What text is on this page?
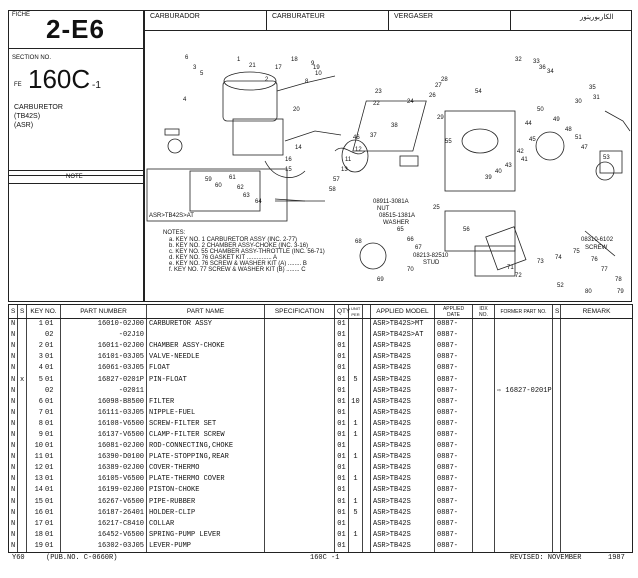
FICHE 2-E6
SECTION NO.
FE 160C -1
CARBURETOR
(TB42S)
(ASR)
NOTE
CARBURADOR	CARBURATEUR	VERGASER	الكاربوريتور
ASR>TB42S>AT
08911-3081A
NUT
08515-1381A
WASHER
08213-82510
STUD
08310-6102
SCREW
NOTES:
a. KEY NO. 1 CARBURETOR ASSY (INC. 2-77)
b. KEY NO. 2 CHAMBER ASSY-CHOKE (INC. 3-16)
c. KEY NO. 55 CHAMBER ASSY-THROTTLE (INC. 56-71)
d. KEY NO. 76 GASKET KIT ............... A
e. KEY NO. 76 SCREW & WASHER KIT (A) ........ B
f. KEY NO. 77 SCREW & WASHER KIT (B) ........ C
6
3
5
1
21	17
18
9
10
8
2
4
14
16
15
19
20
23
22	24
26
27
28
29
32 33
36
34
35
31
30
50
49
48
51
47
44
45
42
41
43
40
39
38
37
46
12
11
13
57
58
59
60
61
62
63
64
65
66
67
68
69
70	71
72
73
74
75
76
77
78
79
80
52
53
54
55
56
25
S	S	KEY NO.	PART NUMBER	PART NAME	SPECIFICATION	QTY	UNIT PER		APPLIED MODEL	APPLIED DATE	IDX NO.	FORMER PART NO.	S	REMARK
N		1 01	16010-02J00	CARBURETOR ASSY		01			ASR>TB42S>MT	0887-				
N		02	-02J10			01			ASR>TB42S>AT	0887-				
N		2 01	16011-02J00	CHAMBER ASSY-CHOKE		01			ASR>TB42S	0887-				
N		3 01	16101-03J05	VALVE-NEEDLE		01			ASR>TB42S	0887-				
N		4 01	16061-03J05	FLOAT		01			ASR>TB42S	0887-				
N	x	5 01	16827-0201P	PIN-FLOAT		01	5		ASR>TB42S	0887-				
N		02	-02011			01			ASR>TB42S	0887-		⇨ 16827-0201P		
N		6 01	16098-B8500	FILTER		01	10		ASR>TB42S	0887-				
N		7 01	16111-03J05	NIPPLE-FUEL		01			ASR>TB42S	0887-				
N		8 01	16108-V6500	SCREW-FILTER SET		01	1		ASR>TB42S	0887-				
N		9 01	16137-V6500	CLAMP-FILTER SCREW		01	1		ASR>TB42S	0887-				
N		10 01	16081-02J00	ROD-CONNECTING,CHOKE		01			ASR>TB42S	0887-				
N		11 01	16390-D0100	PLATE-STOPPING,REAR		01	1		ASR>TB42S	0887-				
N		12 01	16389-02J00	COVER-THERMO		01			ASR>TB42S	0887-				
N		13 01	16105-V6500	PLATE-THERMO COVER		01	1		ASR>TB42S	0887-				
N		14 01	16199-02J00	PISTON-CHOKE		01			ASR>TB42S	0887-				
N		15 01	16267-V6500	PIPE-RUBBER		01	1		ASR>TB42S	0887-				
N		16 01	16187-26401	HOLDER-CLIP		01	5		ASR>TB42S	0887-				
N		17 01	16217-C8410	COLLAR		01			ASR>TB42S	0887-				
N		18 01	16452-V6500	SPRING-PUMP LEVER		01	1		ASR>TB42S	0887-				
N		19 01	16302-03J05	LEVER-PUMP		01			ASR>TB42S	0887-				
Y60	(PUB.NO. C-0660R)	160C -1	REVISED: NOVEMBER	1987
